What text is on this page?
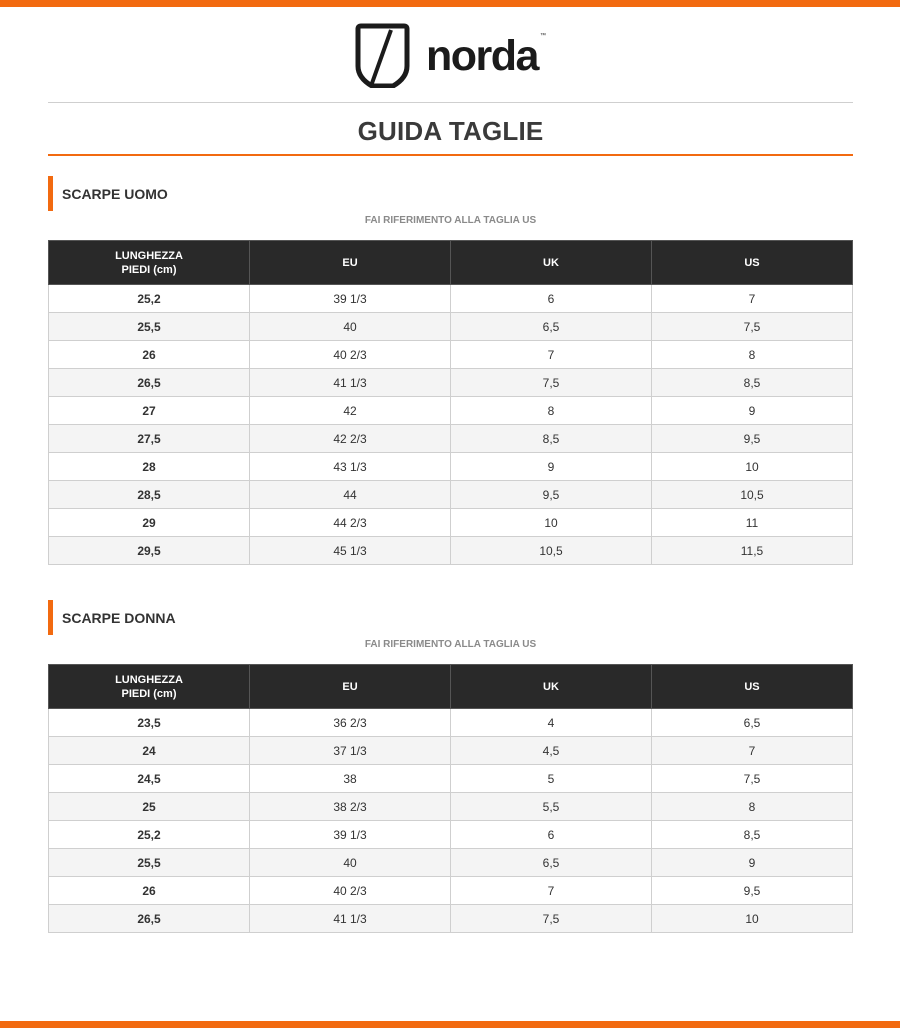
norda ™
GUIDA TAGLIE
SCARPE UOMO
FAI RIFERIMENTO ALLA TAGLIA US
LUNGHEZZA
PIEDI (cm)	EU	UK	US
25,2	39 1/3	6	7
25,5	40	6,5	7,5
26	40 2/3	7	8
26,5	41 1/3	7,5	8,5
27	42	8	9
27,5	42 2/3	8,5	9,5
28	43 1/3	9	10
28,5	44	9,5	10,5
29	44 2/3	10	11
29,5	45 1/3	10,5	11,5
SCARPE DONNA
FAI RIFERIMENTO ALLA TAGLIA US
LUNGHEZZA
PIEDI (cm)	EU	UK	US
23,5	36 2/3	4	6,5
24	37 1/3	4,5	7
24,5	38	5	7,5
25	38 2/3	5,5	8
25,2	39 1/3	6	8,5
25,5	40	6,5	9
26	40 2/3	7	9,5
26,5	41 1/3	7,5	10
